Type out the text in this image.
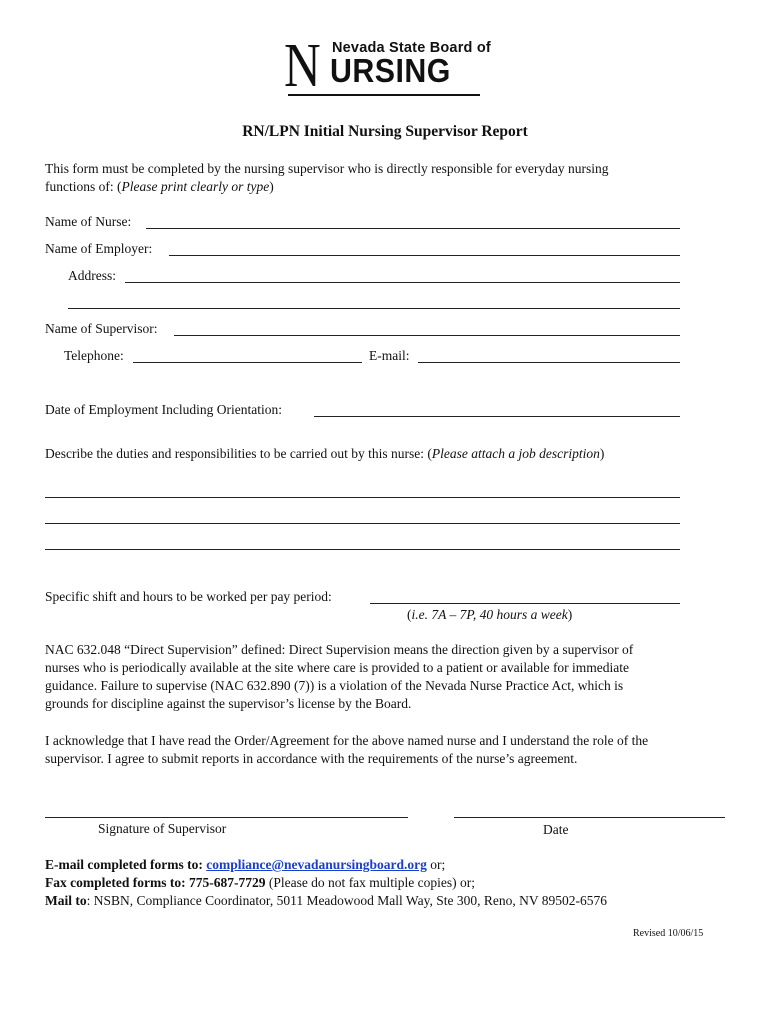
N Nevada State Board of
URSING
RN/LPN Initial Nursing Supervisor Report
This form must be completed by the nursing supervisor who is directly responsible for everyday nursing
functions of: (Please print clearly or type)
Name of Nurse:
Name of Employer:
Address:
Name of Supervisor:
Telephone:	E-mail:
Date of Employment Including Orientation:
Describe the duties and responsibilities to be carried out by this nurse: (Please attach a job description)
Specific shift and hours to be worked per pay period:
(i.e. 7A – 7P, 40 hours a week)
NAC 632.048 “Direct Supervision” defined: Direct Supervision means the direction given by a supervisor of
nurses who is periodically available at the site where care is provided to a patient or available for immediate
guidance. Failure to supervise (NAC 632.890 (7)) is a violation of the Nevada Nurse Practice Act, which is
grounds for discipline against the supervisor’s license by the Board.
I acknowledge that I have read the Order/Agreement for the above named nurse and I understand the role of the
supervisor. I agree to submit reports in accordance with the requirements of the nurse’s agreement.
Signature of Supervisor	Date
E-mail completed forms to: compliance@nevadanursingboard.org or;
Fax completed forms to: 775-687-7729 (Please do not fax multiple copies) or;
Mail to: NSBN, Compliance Coordinator, 5011 Meadowood Mall Way, Ste 300, Reno, NV 89502-6576
Revised 10/06/15
